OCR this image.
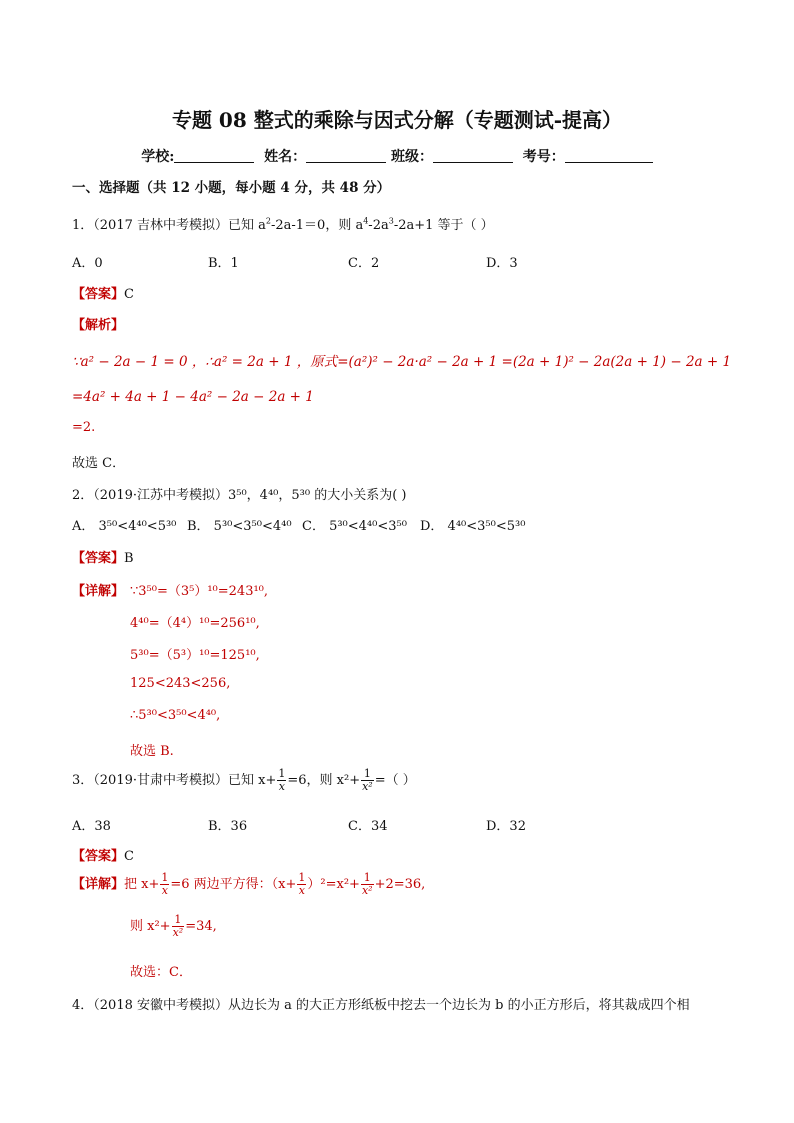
专题 08 整式的乘除与因式分解（专题测试-提高）
学校:	姓名：	班级：	考号：
一、选择题（共 12 小题，每小题 4 分，共 48 分）
1．（2017 吉林中考模拟）已知 $a^2-2a-1=0$，则 $a^4-2a^3-2a+1$ 等于（ ）
A．0	B．1	C．2	D．3
【答案】C
【解析】
∵a² − 2a − 1 = 0 ，∴a² = 2a + 1 ，原式=(a²)² − 2a·a² − 2a + 1 =(2a + 1)² − 2a(2a + 1) − 2a + 1
=4a² + 4a + 1 − 4a² − 2a − 2a + 1
=2.
故选 C．
2．（2019·江苏中考模拟）3⁵⁰，4⁴⁰，5³⁰ 的大小关系为( )
A． 3⁵⁰<4⁴⁰<5³⁰ B． 5³⁰<3⁵⁰<4⁴⁰ C． 5³⁰<4⁴⁰<3⁵⁰ D． 4⁴⁰<3⁵⁰<5³⁰
【答案】B
【详解】 ∵3⁵⁰=（3⁵）¹⁰=243¹⁰,
4⁴⁰=（4⁴）¹⁰=256¹⁰,
5³⁰=（5³）¹⁰=125¹⁰,
125<243<256,
∴5³⁰<3⁵⁰<4⁴⁰,
故选 B.
3．（2019·甘肃中考模拟）已知 $x+ \frac{1}{x} =6$，则 $x^2+ \frac{1}{\text{x²}}$ =（ ）
A．38	B．36	C．34	D．32
【答案】C
【详解】把 $x+ \frac{1}{x} =6$ 两边平方得：$(x+ \frac{1}{x} )^2=x^2+ \frac{1}{\text{x²}} +2=36$,
则 $x^2+ \frac{1}{\text{x²}} =34$,
故选：C．
4．（2018 安徽中考模拟）从边长为 a 的大正方形纸板中挖去一个边长为 b 的小正方形后，将其裁成四个相
